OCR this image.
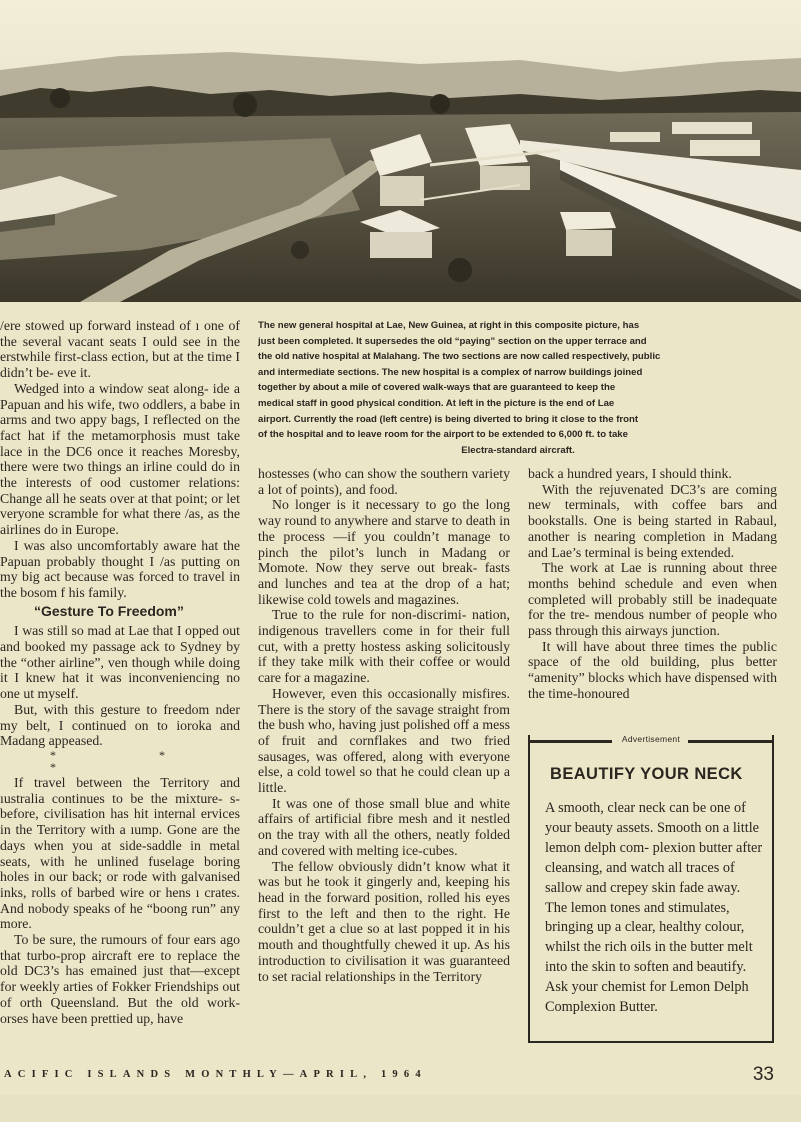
The new general hospital at Lae, New Guinea, at right in this composite picture, has
just been completed. It supersedes the old “paying” section on the upper terrace and
the old native hospital at Malahang. The two sections are now called respectively, public
and intermediate sections. The new hospital is a complex of narrow buildings joined
together by about a mile of covered walk-ways that are guaranteed to keep the
medical staff in good physical condition. At left in the picture is the end of Lae
airport. Currently the road (left centre) is being diverted to bring it close to the front
of the hospital and to leave room for the airport to be extended to 6,000 ft. to take
Electra-standard aircraft.

/ere stowed up forward instead of ı one of the several vacant seats I ould see in the erstwhile first-class ection, but at the time I didn’t be- eve it.

Wedged into a window seat along- ide a Papuan and his wife, two oddlers, a babe in arms and two appy bags, I reflected on the fact hat if the metamorphosis must take lace in the DC6 once it reaches Moresby, there were two things an irline could do in the interests of ood customer relations: Change all he seats over at that point; or let veryone scramble for what there /as, as the airlines do in Europe.

I was also uncomfortably aware hat the Papuan probably thought I /as putting on my big act because was forced to travel in the bosom f his family.

“Gesture To Freedom”

I was still so mad at Lae that I opped out and booked my passage ack to Sydney by the “other airline”, ven though while doing it I knew hat it was inconveniencing no one ut myself.

But, with this gesture to freedom nder my belt, I continued on to ioroka and Madang appeased.

* * *

If travel between the Territory and ıustralia continues to be the mixture- s-before, civilisation has hit internal ervices in the Territory with a ıump. Gone are the days when you at side-saddle in metal seats, with he unlined fuselage boring holes in our back; or rode with galvanised inks, rolls of barbed wire or hens ı crates. And nobody speaks of he “boong run” any more.

To be sure, the rumours of four ears ago that turbo-prop aircraft ere to replace the old DC3’s has emained just that—except for weekly arties of Fokker Friendships out of orth Queensland. But the old work- orses have been prettied up, have

hostesses (who can show the southern variety a lot of points), and food.

No longer is it necessary to go the long way round to anywhere and starve to death in the process —if you couldn’t manage to pinch the pilot’s lunch in Madang or Momote. Now they serve out break- fasts and lunches and tea at the drop of a hat; likewise cold towels and magazines.

True to the rule for non-discrimi- nation, indigenous travellers come in for their full cut, with a pretty hostess asking solicitously if they take milk with their coffee or would care for a magazine.

However, even this occasionally misfires. There is the story of the savage straight from the bush who, having just polished off a mess of fruit and cornflakes and two fried sausages, was offered, along with everyone else, a cold towel so that he could clean up a little.

It was one of those small blue and white affairs of artificial fibre mesh and it nestled on the tray with all the others, neatly folded and covered with melting ice-cubes.

The fellow obviously didn’t know what it was but he took it gingerly and, keeping his head in the forward position, rolled his eyes first to the left and then to the right. He couldn’t get a clue so at last popped it in his mouth and thoughtfully chewed it up. As his introduction to civilisation it was guaranteed to set racial relationships in the Territory

back a hundred years, I should think.

With the rejuvenated DC3’s are coming new terminals, with coffee bars and bookstalls. One is being started in Rabaul, another is nearing completion in Madang and Lae’s terminal is being extended.

The work at Lae is running about three months behind schedule and even when completed will probably still be inadequate for the tre- mendous number of people who pass through this airways junction.

It will have about three times the public space of the old building, plus better “amenity” blocks which have dispensed with the time-honoured

Advertisement
BEAUTIFY YOUR NECK
A smooth, clear neck can be one of your beauty assets. Smooth on a little lemon delph com- plexion butter after cleansing, and watch all traces of sallow and crepey skin fade away. The lemon tones and stimulates, bringing up a clear, healthy colour, whilst the rich oils in the butter melt into the skin to soften and beautify. Ask your chemist for Lemon Delph Complexion Butter.
ACIFIC ISLANDS MONTHLY—APRIL, 1964	33
